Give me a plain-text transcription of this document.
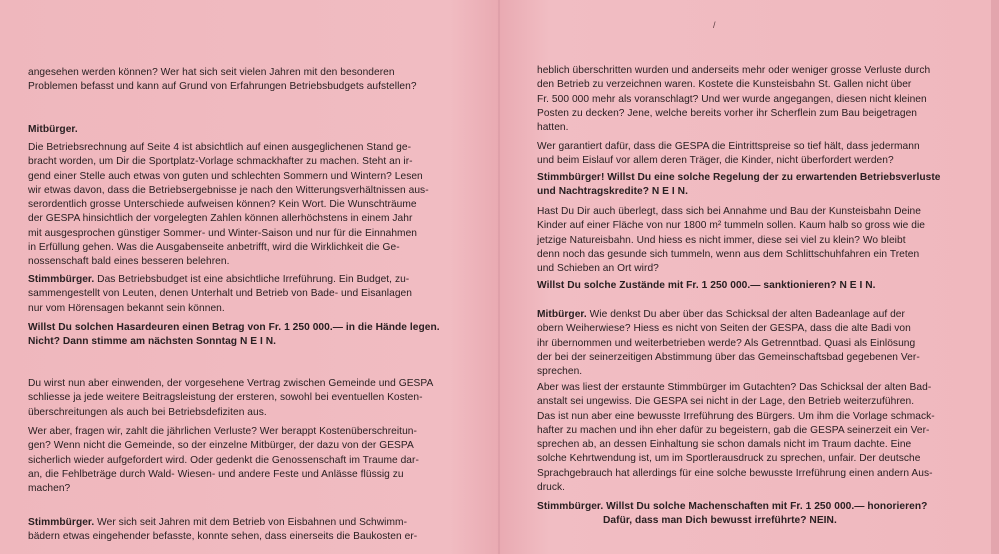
/
angesehen werden können? Wer hat sich seit vielen Jahren mit den besonderen
Problemen befasst und kann auf Grund von Erfahrungen Betriebsbudgets aufstellen?
Mitbürger.
Die Betriebsrechnung auf Seite 4 ist absichtlich auf einen ausgeglichenen Stand ge-
bracht worden, um Dir die Sportplatz-Vorlage schmackhafter zu machen. Steht an ir-
gend einer Stelle auch etwas von guten und schlechten Sommern und Wintern? Lesen
wir etwas davon, dass die Betriebsergebnisse je nach den Witterungsverhältnissen aus-
serordentlich grosse Unterschiede aufweisen können? Kein Wort. Die Wunschträume
der GESPA hinsichtlich der vorgelegten Zahlen können allerhöchstens in einem Jahr
mit ausgesprochen günstiger Sommer- und Winter-Saison und nur für die Einnahmen
in Erfüllung gehen. Was die Ausgabenseite anbetrifft, wird die Wirklichkeit die Ge-
nossenschaft bald eines besseren belehren.
Stimmbürger. Das Betriebsbudget ist eine absichtliche Irreführung. Ein Budget, zu-
sammengestellt von Leuten, denen Unterhalt und Betrieb von Bade- und Eisanlagen
nur vom Hörensagen bekannt sein können.
Willst Du solchen Hasardeuren einen Betrag von Fr. 1 250 000.— in die Hände legen.
Nicht? Dann stimme am nächsten Sonntag N E I N.
Du wirst nun aber einwenden, der vorgesehene Vertrag zwischen Gemeinde und GESPA
schliesse ja jede weitere Beitragsleistung der ersteren, sowohl bei eventuellen Kosten-
überschreitungen als auch bei Betriebsdefiziten aus.
Wer aber, fragen wir, zahlt die jährlichen Verluste? Wer berappt Kostenüberschreitun-
gen? Wenn nicht die Gemeinde, so der einzelne Mitbürger, der dazu von der GESPA
sicherlich wieder aufgefordert wird. Oder gedenkt die Genossenschaft im Traume dar-
an, die Fehlbeträge durch Wald- Wiesen- und andere Feste und Anlässe flüssig zu
machen?
Stimmbürger. Wer sich seit Jahren mit dem Betrieb von Eisbahnen und Schwimm-
bädern etwas eingehender befasste, konnte sehen, dass einerseits die Baukosten er-
heblich überschritten wurden und anderseits mehr oder weniger grosse Verluste durch
den Betrieb zu verzeichnen waren. Kostete die Kunsteisbahn St. Gallen nicht über
Fr. 500 000 mehr als voranschlagt? Und wer wurde angegangen, diesen nicht kleinen
Posten zu decken? Jene, welche bereits vorher ihr Scherflein zum Bau beigetragen
hatten.
Wer garantiert dafür, dass die GESPA die Eintrittspreise so tief hält, dass jedermann
und beim Eislauf vor allem deren Träger, die Kinder, nicht überfordert werden?
Stimmbürger! Willst Du eine solche Regelung der zu erwartenden Betriebsverluste
und Nachtragskredite? N E I N.
Hast Du Dir auch überlegt, dass sich bei Annahme und Bau der Kunsteisbahn Deine
Kinder auf einer Fläche von nur 1800 m² tummeln sollen. Kaum halb so gross wie die
jetzige Natureisbahn. Und hiess es nicht immer, diese sei viel zu klein? Wo bleibt
denn noch das gesunde sich tummeln, wenn aus dem Schlittschuhfahren ein Treten
und Schieben an Ort wird?
Willst Du solche Zustände mit Fr. 1 250 000.— sanktionieren? N E I N.
Mitbürger. Wie denkst Du aber über das Schicksal der alten Badeanlage auf der
obern Weiherwiese? Hiess es nicht von Seiten der GESPA, dass die alte Badi von
ihr übernommen und weiterbetrieben werde? Als Getrenntbad. Quasi als Einlösung
der bei der seinerzeitigen Abstimmung über das Gemeinschaftsbad gegebenen Ver-
sprechen.
Aber was liest der erstaunte Stimmbürger im Gutachten? Das Schicksal der alten Bad-
anstalt sei ungewiss. Die GESPA sei nicht in der Lage, den Betrieb weiterzuführen.
Das ist nun aber eine bewusste Irreführung des Bürgers. Um ihm die Vorlage schmack-
hafter zu machen und ihn eher dafür zu begeistern, gab die GESPA seinerzeit ein Ver-
sprechen ab, an dessen Einhaltung sie schon damals nicht im Traum dachte. Eine
solche Kehrtwendung ist, um im Sportlerausdruck zu sprechen, unfair. Der deutsche
Sprachgebrauch hat allerdings für eine solche bewusste Irreführung einen andern Aus-
druck.
Stimmbürger. Willst Du solche Machenschaften mit Fr. 1 250 000.— honorieren?
Dafür, dass man Dich bewusst irreführte? NEIN.
